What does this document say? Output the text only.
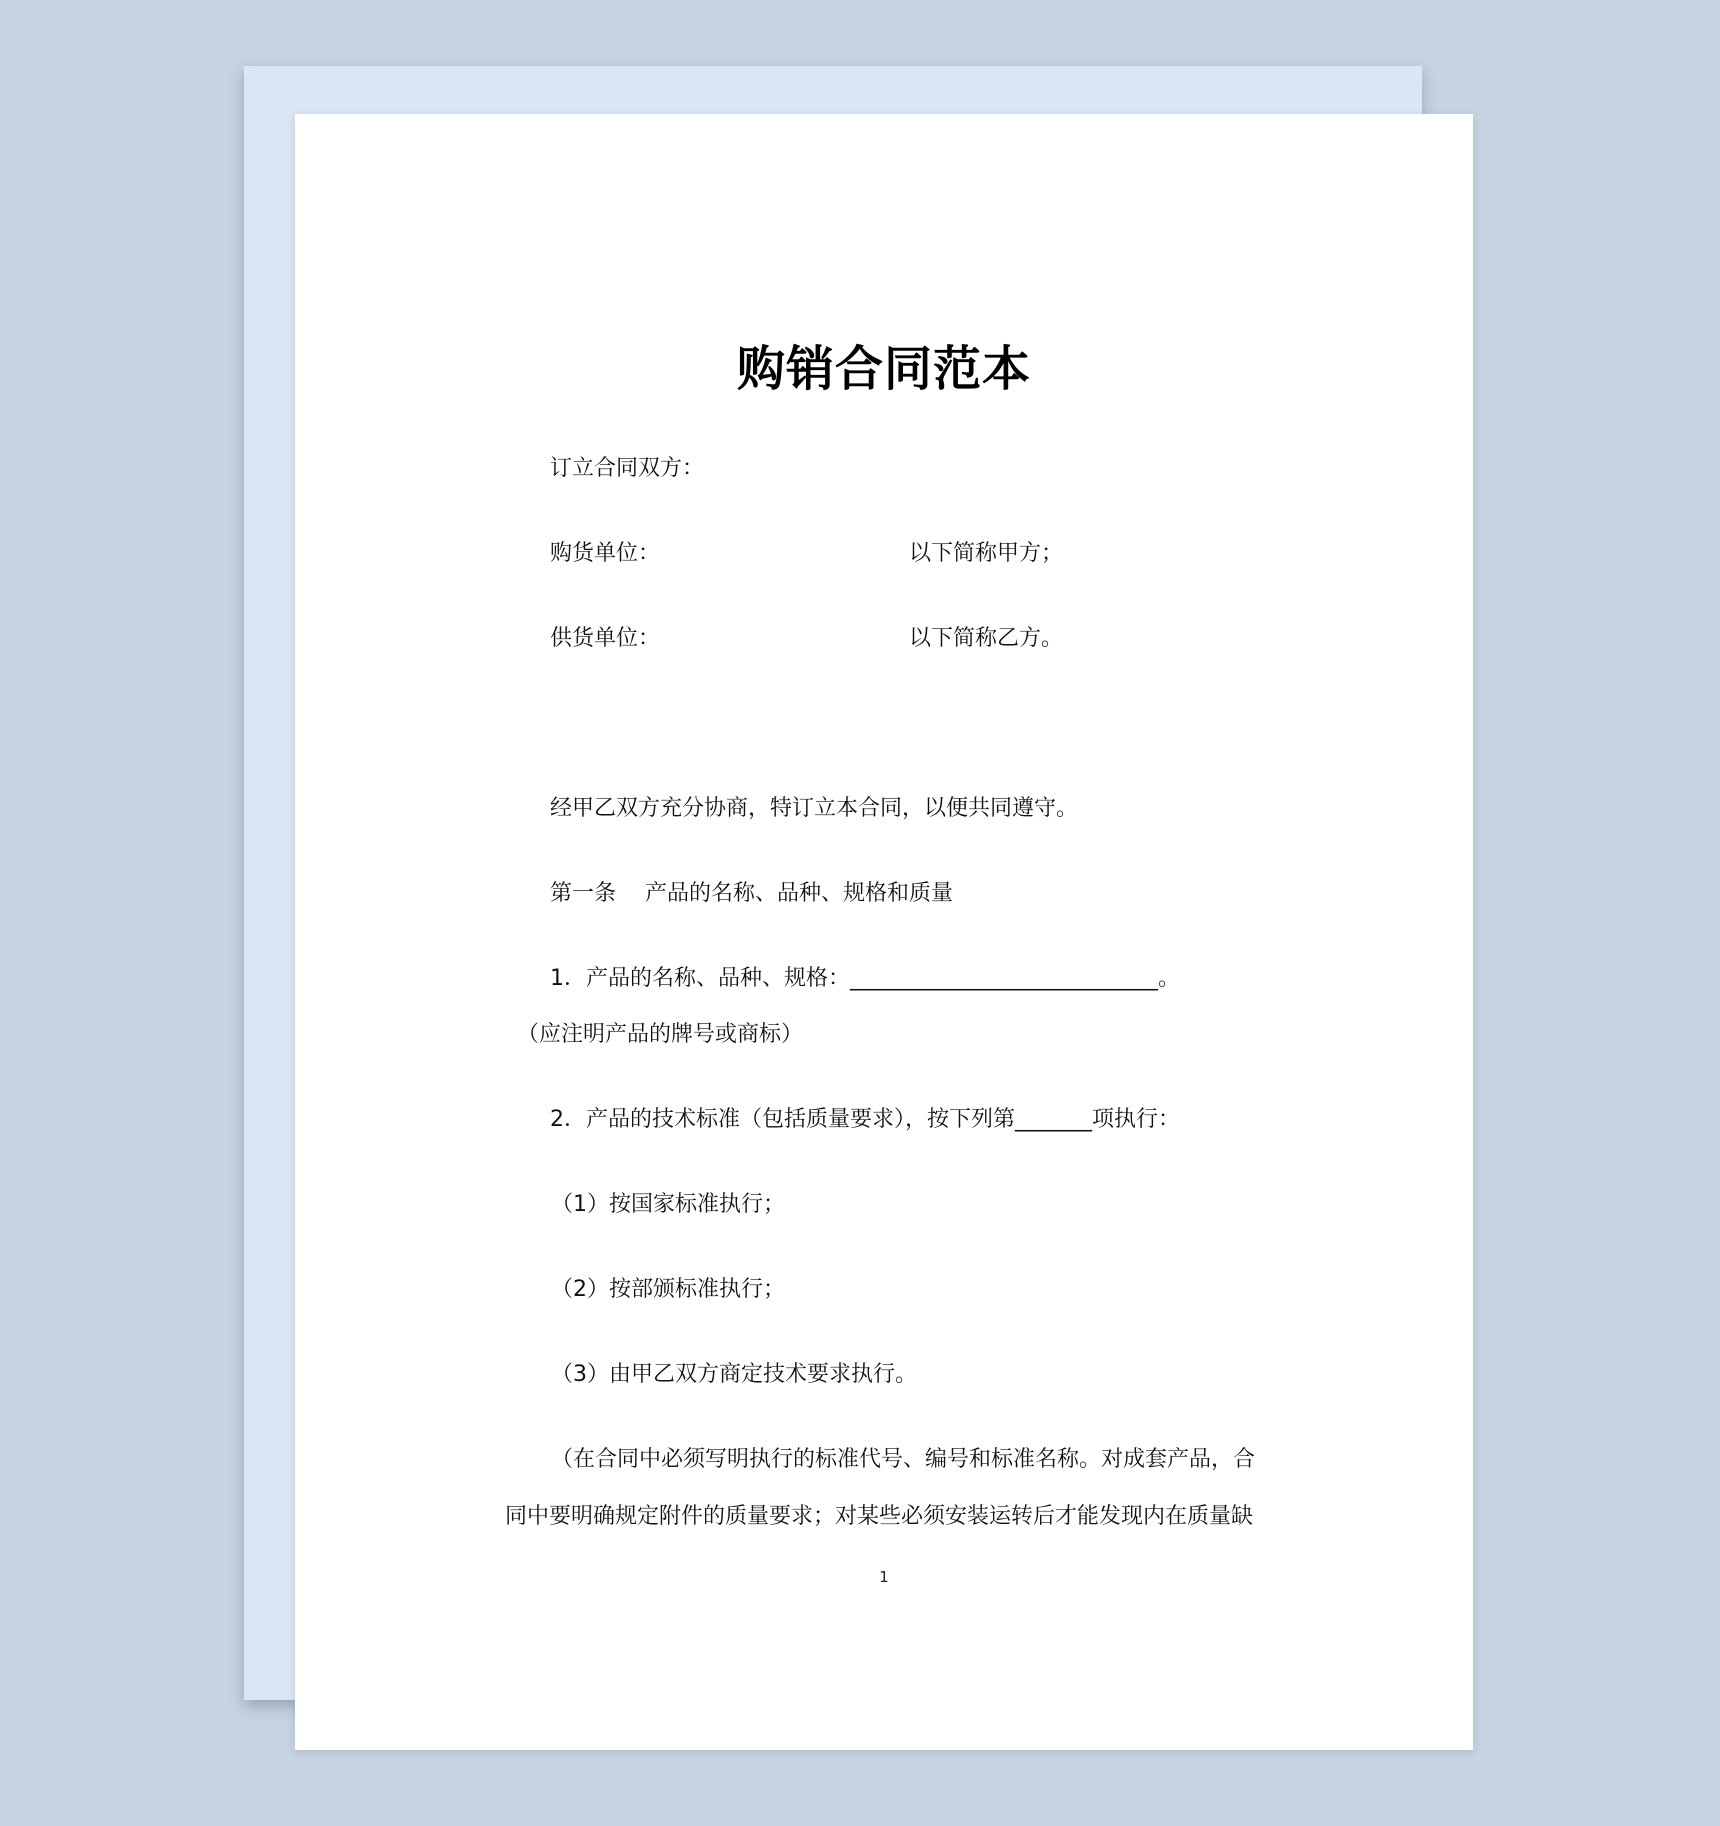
购销合同范本
订立合同双方：
购货单位：	以下简称甲方；
供货单位：	以下简称乙方。
经甲乙双方充分协商，特订立本合同，以便共同遵守。
第一条　 产品的名称、品种、规格和质量
1．产品的名称、品种、规格：____________________________。
（应注明产品的牌号或商标）
2．产品的技术标准（包括质量要求），按下列第_______项执行：
（1）按国家标准执行；
（2）按部颁标准执行；
（3）由甲乙双方商定技术要求执行。
（在合同中必须写明执行的标准代号、编号和标准名称。对成套产品，合
同中要明确规定附件的质量要求；对某些必须安装运转后才能发现内在质量缺
1
